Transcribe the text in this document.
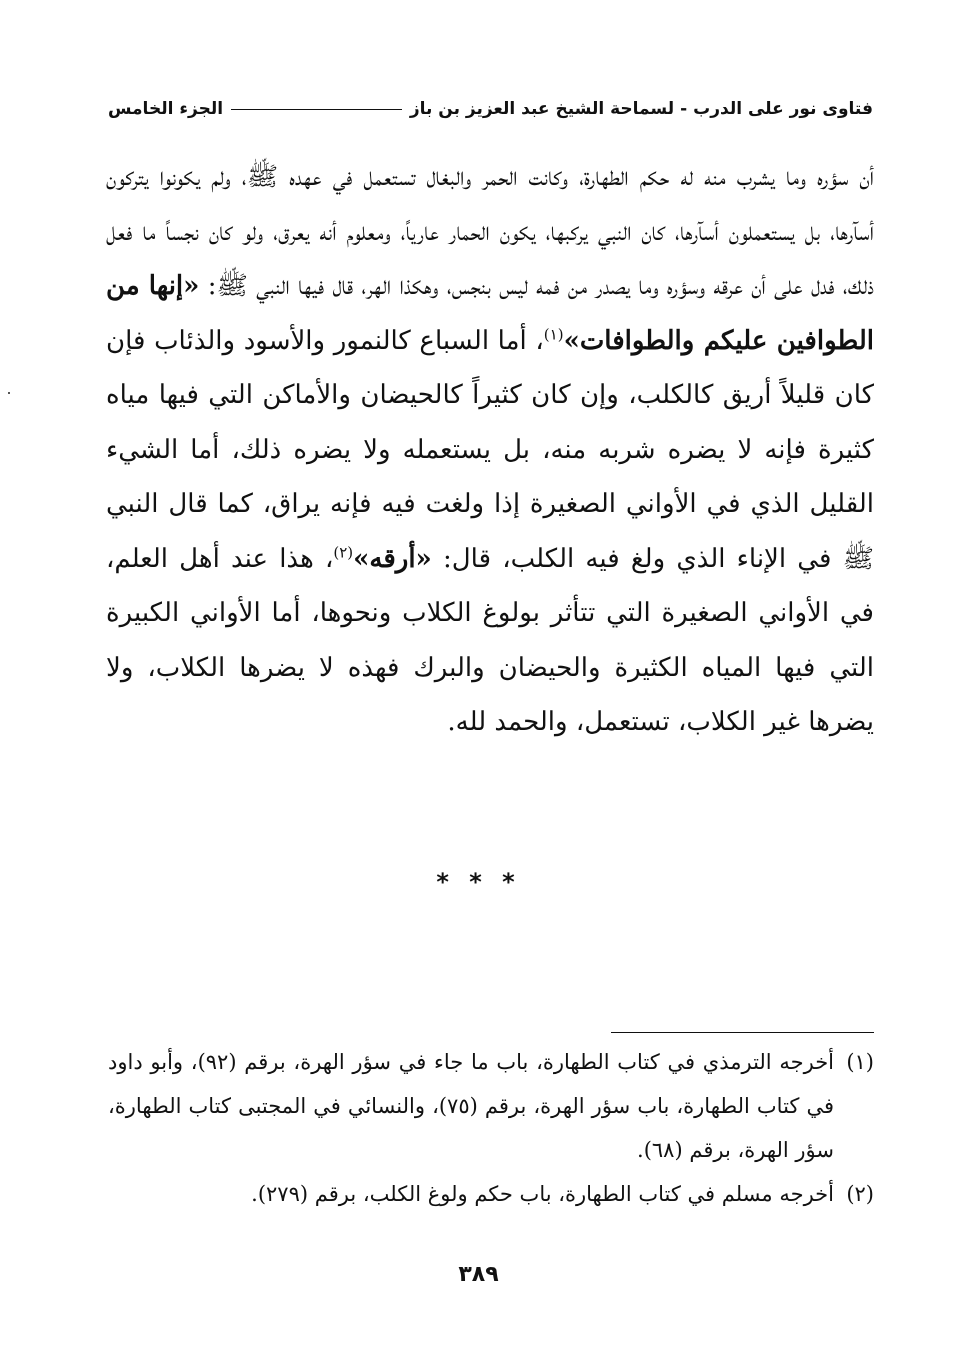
فتاوى نور على الدرب
-
لسماحة الشيخ عبد العزيز بن باز
الجزء الخامس
أن سؤره وما يشرب منه له حكم الطهارة، وكانت الحمر والبغال تستعمل في عهده ﷺ، ولم يكونوا يتركون أسآرها، بل يستعملون أسآرها، كان النبي يركبها، يكون الحمار عارياً، ومعلوم أنه يعرق، ولو كان نجساً ما فعل ذلك، فدل على أن عرقه وسؤره وما يصدر من فمه ليس بنجس، وهكذا الهر، قال فيها النبي ﷺ: «إنها من الطوافين عليكم والطوافات»$^{(١)}$، أما السباع كالنمور والأسود والذئاب فإن كان قليلاً أريق كالكلب، وإن كان كثيراً كالحيضان والأماكن التي فيها مياه كثيرة فإنه لا يضره شربه منه، بل يستعمله ولا يضره ذلك، أما الشيء القليل الذي في الأواني الصغيرة إذا ولغت فيه فإنه يراق، كما قال النبي ﷺ في الإناء الذي ولغ فيه الكلب، قال: «أرقه»$^{(٢)}$، هذا عند أهل العلم، في الأواني الصغيرة التي تتأثر بولوغ الكلاب ونحوها، أما الأواني الكبيرة التي فيها المياه الكثيرة والحيضان والبرك فهذه لا يضرها الكلاب، ولا يضرها غير الكلاب، تستعمل، والحمد لله.
* * *
(١)
أخرجه الترمذي في كتاب الطهارة، باب ما جاء في سؤر الهرة، برقم (٩٢)، وأبو داود في كتاب الطهارة، باب سؤر الهرة، برقم (٧٥)، والنسائي في المجتبى كتاب الطهارة، سؤر الهرة، برقم (٦٨).
(٢)
أخرجه مسلم في كتاب الطهارة، باب حكم ولوغ الكلب، برقم (٢٧٩).
٣٨٩
